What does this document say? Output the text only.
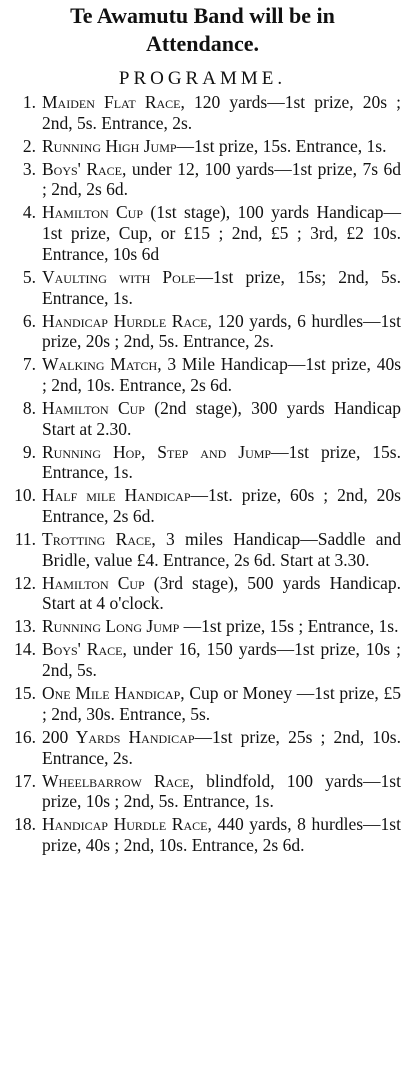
Te Awamutu Band will be in
Attendance.
PROGRAMME.
1. Maiden Flat Race, 120 yards—1st prize, 20s ; 2nd, 5s. Entrance, 2s.
2. Running High Jump—1st prize, 15s. Entrance, 1s.
3. Boys' Race, under 12, 100 yards—1st prize, 7s 6d ; 2nd, 2s 6d.
4. Hamilton Cup (1st stage), 100 yards Handicap—1st prize, Cup, or £15 ; 2nd, £5 ; 3rd, £2 10s. Entrance, 10s 6d
5. Vaulting with Pole—1st prize, 15s; 2nd, 5s. Entrance, 1s.
6. Handicap Hurdle Race, 120 yards, 6 hurdles—1st prize, 20s ; 2nd, 5s. Entrance, 2s.
7. Walking Match, 3 Mile Handicap—1st prize, 40s ; 2nd, 10s. Entrance, 2s 6d.
8. Hamilton Cup (2nd stage), 300 yards Handicap Start at 2.30.
9. Running Hop, Step and Jump—1st prize, 15s. Entrance, 1s.
10. Half mile Handicap—1st. prize, 60s ; 2nd, 20s Entrance, 2s 6d.
11. Trotting Race, 3 miles Handicap—Saddle and Bridle, value £4. Entrance, 2s 6d. Start at 3.30.
12. Hamilton Cup (3rd stage), 500 yards Handicap. Start at 4 o'clock.
13. Running Long Jump —1st prize, 15s ; Entrance, 1s.
14. Boys' Race, under 16, 150 yards—1st prize, 10s ; 2nd, 5s.
15. One Mile Handicap, Cup or Money —1st prize, £5 ; 2nd, 30s. Entrance, 5s.
16. 200 Yards Handicap—1st prize, 25s ; 2nd, 10s. Entrance, 2s.
17. Wheelbarrow Race, blindfold, 100 yards—1st prize, 10s ; 2nd, 5s. Entrance, 1s.
18. Handicap Hurdle Race, 440 yards, 8 hurdles—1st prize, 40s ; 2nd, 10s. Entrance, 2s 6d.
